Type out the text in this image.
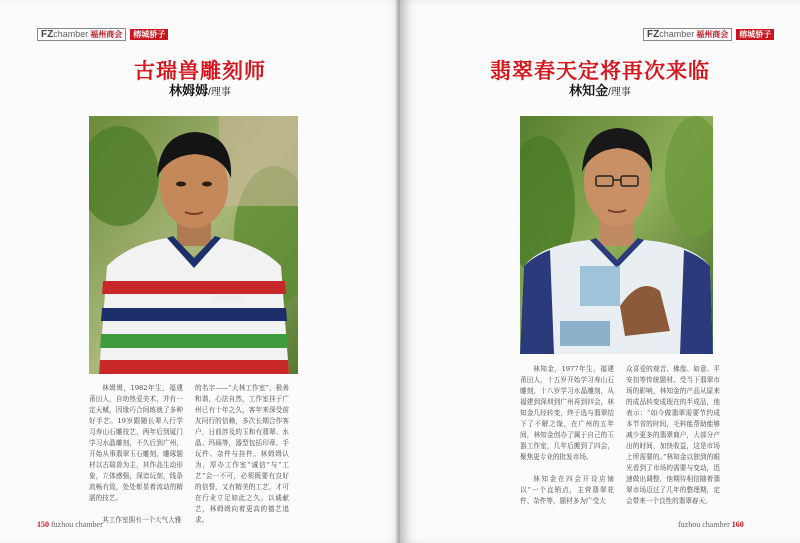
FZ chamber 福州商会	榕城骄子
古瑞兽雕刻师
林姆姆/理事

林姆姆，1982年生，福建莆田人，自幼热爱美术，并有一定天赋，因缘巧合间练就了多种好手艺。19岁跟随长辈入行学习寿山石雕技艺，两年后到厦门学习水晶雕刻，不久后到广州，开始从事翡翠玉石雕刻，雕琢题材以古瑞兽为主，其作品生动形象，立体感强，深谙玩刻，线条流畅有致，处处彰显着流动的精湛的技艺。

其工作室拥有一个大气大雅

的名字——“大林工作室”，极善和谐，心法自然，工作室挂于广州已有十年之久，客年来深受前友问行的信赖，多次长期合作客户，日前涉及的玉和有翡翠、水晶、玛瑙等，器型包括印章、手玩件、杂件与挂件。林姆姆认为，厚办工作室“诚信”与“工艺”会一不可，必须既要有良好的信誉，又有精美的工艺，才可在行业立足如此之久。以诚献艺，林姆姆向着更高的德艺追求。

150 fuzhou chamber
FZ chamber 福州商会	榕城骄子
翡翠春天定将再次来临
林知金/理事

林知金，1977年生，福建莆田人，十五岁开始学习寿山石雕刻，十八岁学习水晶雕刻，从福建到深圳到广州再到四会，林知金几经转变，终于选与翡翠结下了不解之缘，在广州的五年间，林知金创办了属于自己的玉器工作室，几年后搬到了四会，聚焦更专业的批发市场。

林知金在四会开设店铺以“一个直销点，主营翡翠花件、杂件等，题材多为广受大

众喜爱的观音、佛像、如意、平安扣等传统题材。受当下翡翠市场的影响，林知金的产品从原来的成品转变成现在的半成品，他表示：“如今做翡翠需要节约成本节省的时间，毛料能帮助能够减少更多的翡翠商户，大部分产出的时间，加快收益，这是市场上所需要的。”林知金以独到的眼光看到了市场的需要与变动，迅速做出调整，他期待相信随着翡翠市场迈过了几年的整理期，定会带来一个良性的翡翠春天。

fuzhou chamber 160
